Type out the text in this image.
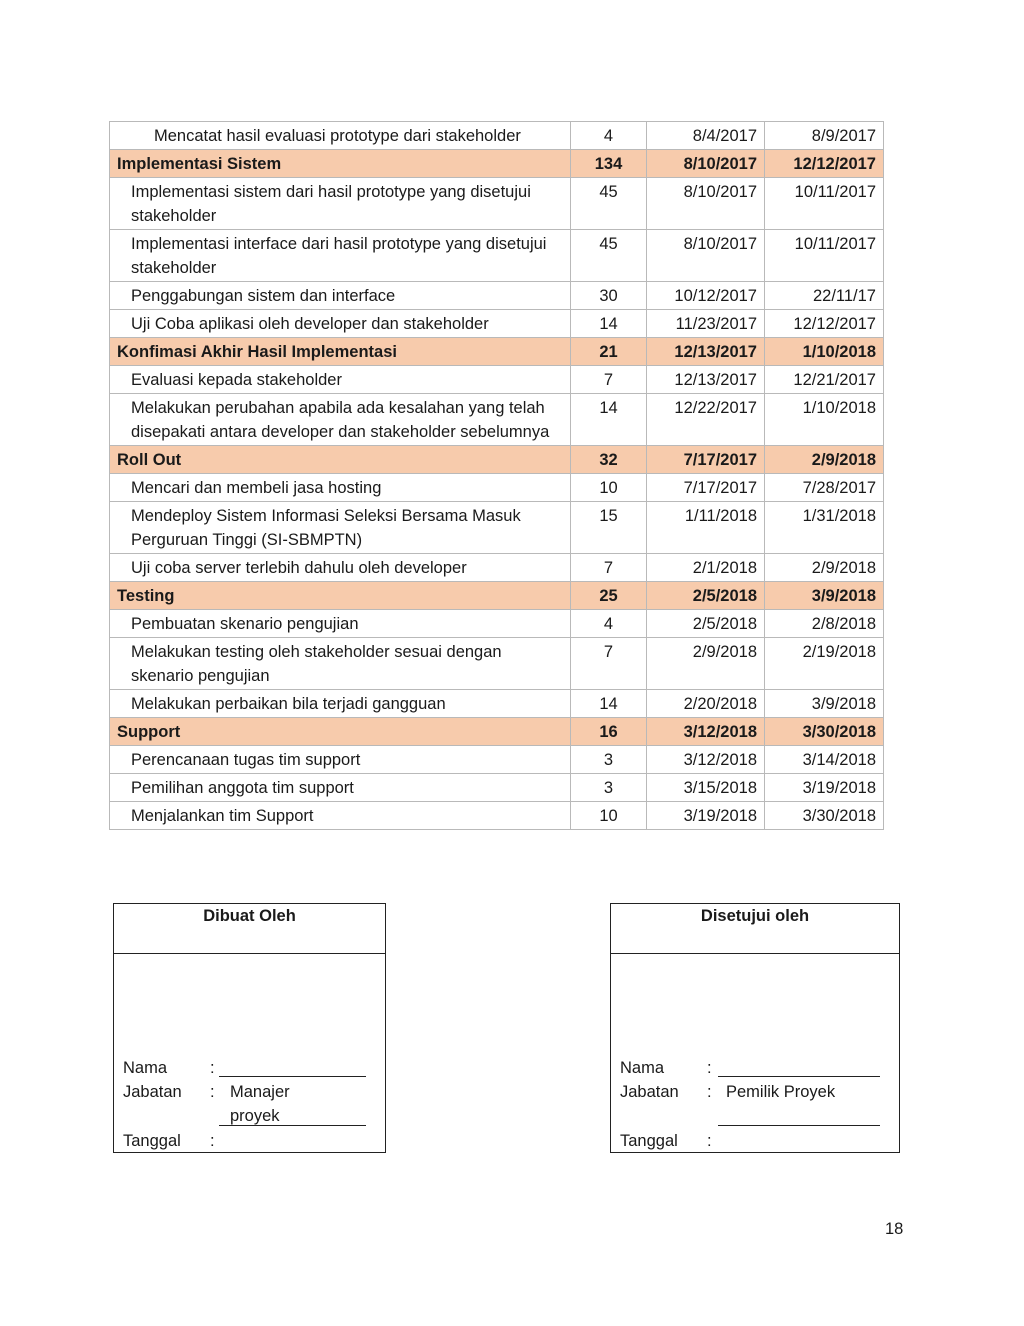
Mencatat hasil evaluasi prototype dari stakeholder	4	8/4/2017	8/9/2017
Implementasi Sistem	134	8/10/2017	12/12/2017
Implementasi sistem dari hasil prototype yang disetujui stakeholder	45	8/10/2017	10/11/2017
Implementasi interface dari hasil prototype yang disetujui stakeholder	45	8/10/2017	10/11/2017
Penggabungan sistem dan interface	30	10/12/2017	22/11/17
Uji Coba aplikasi oleh developer dan stakeholder	14	11/23/2017	12/12/2017
Konfimasi Akhir Hasil Implementasi	21	12/13/2017	1/10/2018
Evaluasi kepada stakeholder	7	12/13/2017	12/21/2017
Melakukan perubahan apabila ada kesalahan yang telah disepakati antara developer dan stakeholder sebelumnya	14	12/22/2017	1/10/2018
Roll Out	32	7/17/2017	2/9/2018
Mencari dan membeli jasa hosting	10	7/17/2017	7/28/2017
Mendeploy Sistem Informasi Seleksi Bersama Masuk Perguruan Tinggi (SI-SBMPTN)	15	1/11/2018	1/31/2018
Uji coba server terlebih dahulu oleh developer	7	2/1/2018	2/9/2018
Testing	25	2/5/2018	3/9/2018
Pembuatan skenario pengujian	4	2/5/2018	2/8/2018
Melakukan testing oleh stakeholder sesuai dengan skenario pengujian	7	2/9/2018	2/19/2018
Melakukan perbaikan bila terjadi gangguan	14	2/20/2018	3/9/2018
Support	16	3/12/2018	3/30/2018
Perencanaan tugas tim support	3	3/12/2018	3/14/2018
Pemilihan anggota tim support	3	3/15/2018	3/19/2018
Menjalankan tim Support	10	3/19/2018	3/30/2018
Dibuat Oleh
Nama	:
Jabatan	: Manajer proyek
Tanggal	:
Disetujui oleh
Nama	:
Jabatan	: Pemilik Proyek
Tanggal	:
18
